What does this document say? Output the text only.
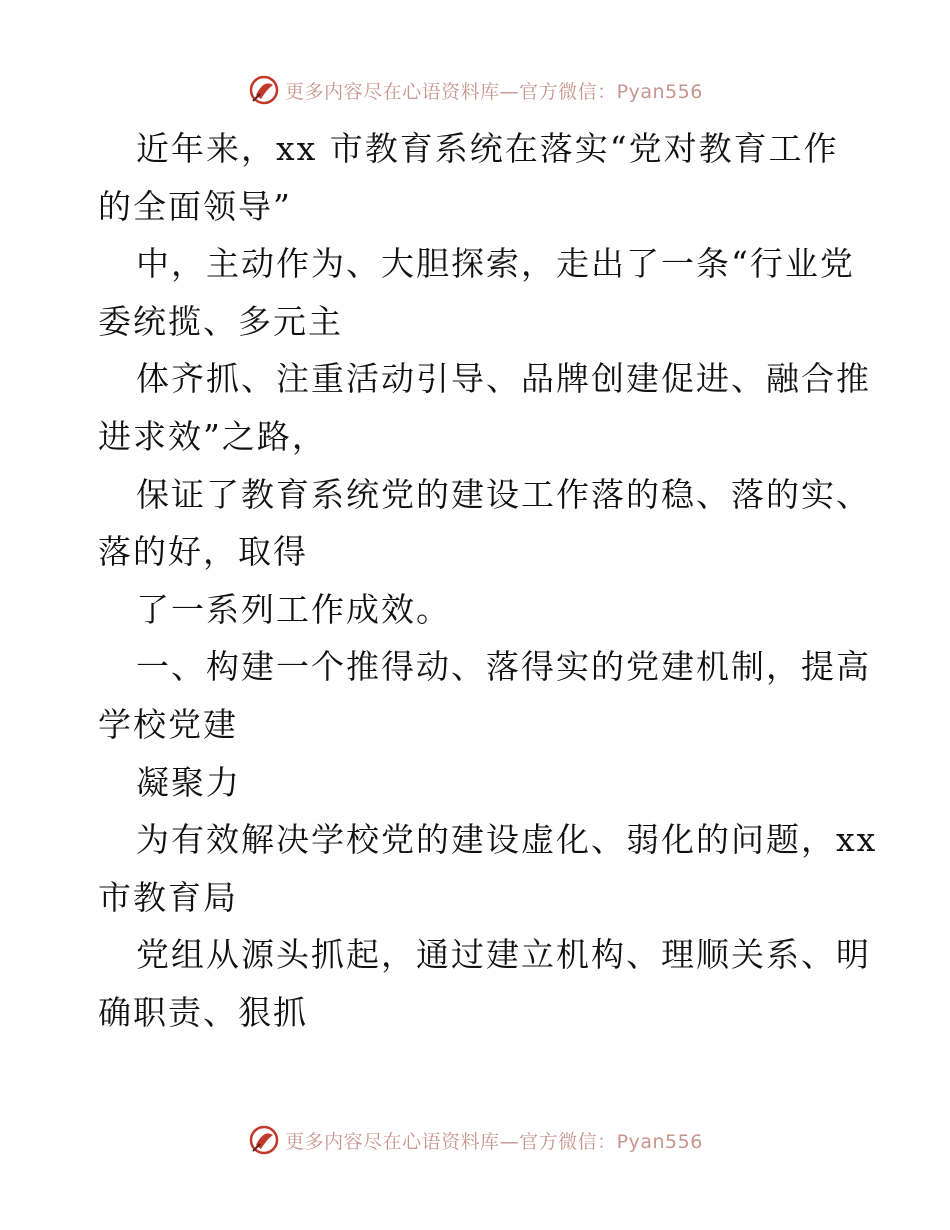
更多内容尽在心语资料库—官方微信：Pyan556
近年来，xx 市教育系统在落实“党对教育工作
的全面领导”
中，主动作为、大胆探索，走出了一条“行业党
委统揽、多元主
体齐抓、注重活动引导、品牌创建促进、融合推
进求效”之路，
保证了教育系统党的建设工作落的稳、落的实、
落的好，取得
了一系列工作成效。
一、构建一个推得动、落得实的党建机制，提高
学校党建
凝聚力
为有效解决学校党的建设虚化、弱化的问题，xx
市教育局
党组从源头抓起，通过建立机构、理顺关系、明
确职责、狠抓
更多内容尽在心语资料库—官方微信：Pyan556
